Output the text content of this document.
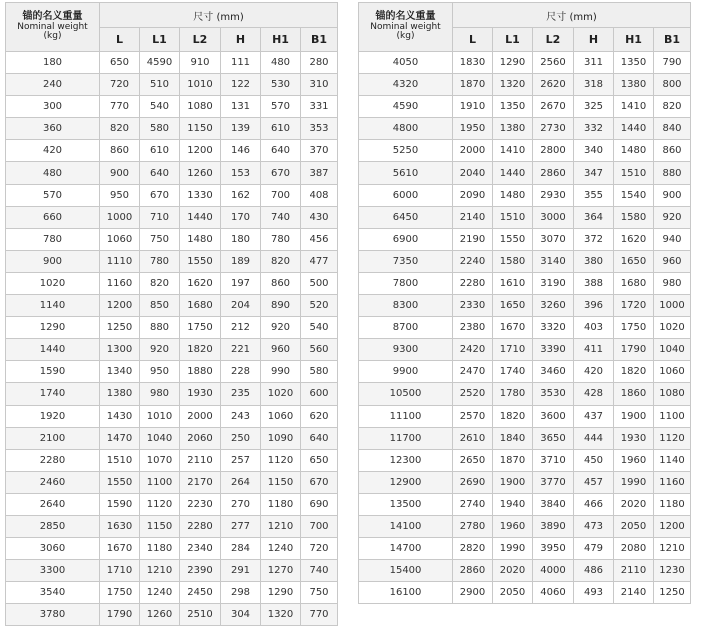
锚的名义重量
Nominal weight
(kg)	尺寸 (mm)					
	L	L1	L2	H	H1	B1
180	650	4590	910	111	480	280
240	720	510	1010	122	530	310
300	770	540	1080	131	570	331
360	820	580	1150	139	610	353
420	860	610	1200	146	640	370
480	900	640	1260	153	670	387
570	950	670	1330	162	700	408
660	1000	710	1440	170	740	430
780	1060	750	1480	180	780	456
900	1110	780	1550	189	820	477
1020	1160	820	1620	197	860	500
1140	1200	850	1680	204	890	520
1290	1250	880	1750	212	920	540
1440	1300	920	1820	221	960	560
1590	1340	950	1880	228	990	580
1740	1380	980	1930	235	1020	600
1920	1430	1010	2000	243	1060	620
2100	1470	1040	2060	250	1090	640
2280	1510	1070	2110	257	1120	650
2460	1550	1100	2170	264	1150	670
2640	1590	1120	2230	270	1180	690
2850	1630	1150	2280	277	1210	700
3060	1670	1180	2340	284	1240	720
3300	1710	1210	2390	291	1270	740
3540	1750	1240	2450	298	1290	750
3780	1790	1260	2510	304	1320	770
锚的名义重量
Nominal weight
(kg)	尺寸 (mm)					
	L	L1	L2	H	H1	B1
4050	1830	1290	2560	311	1350	790
4320	1870	1320	2620	318	1380	800
4590	1910	1350	2670	325	1410	820
4800	1950	1380	2730	332	1440	840
5250	2000	1410	2800	340	1480	860
5610	2040	1440	2860	347	1510	880
6000	2090	1480	2930	355	1540	900
6450	2140	1510	3000	364	1580	920
6900	2190	1550	3070	372	1620	940
7350	2240	1580	3140	380	1650	960
7800	2280	1610	3190	388	1680	980
8300	2330	1650	3260	396	1720	1000
8700	2380	1670	3320	403	1750	1020
9300	2420	1710	3390	411	1790	1040
9900	2470	1740	3460	420	1820	1060
10500	2520	1780	3530	428	1860	1080
11100	2570	1820	3600	437	1900	1100
11700	2610	1840	3650	444	1930	1120
12300	2650	1870	3710	450	1960	1140
12900	2690	1900	3770	457	1990	1160
13500	2740	1940	3840	466	2020	1180
14100	2780	1960	3890	473	2050	1200
14700	2820	1990	3950	479	2080	1210
15400	2860	2020	4000	486	2110	1230
16100	2900	2050	4060	493	2140	1250
